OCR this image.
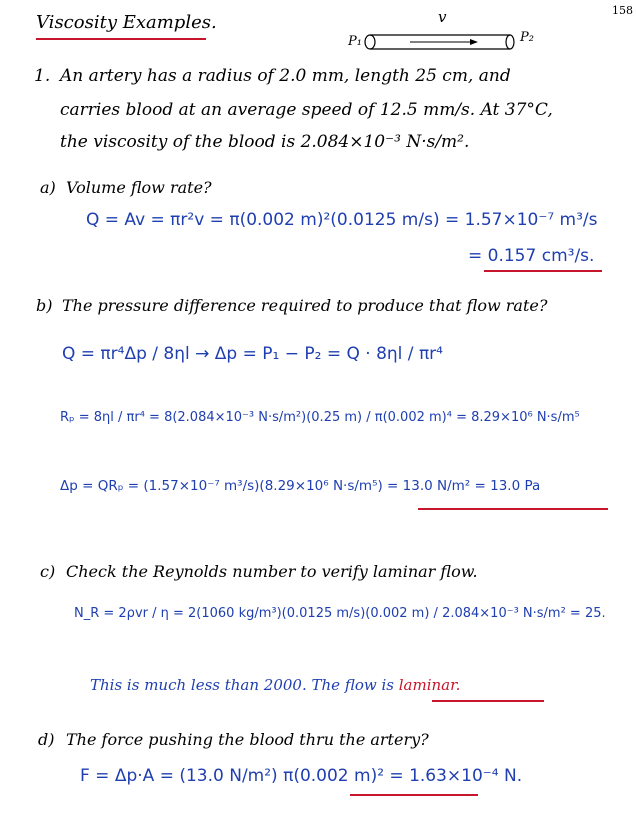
158
Viscosity Examples.
P₁	P₂
v
1. An artery has a radius of 2.0 mm, length 25 cm, and
carries blood at an average speed of 12.5 mm/s. At 37°C,
the viscosity of the blood is 2.084×10⁻³ N·s/m².
a) Volume flow rate?
Q = Av = πr²v = π(0.002 m)²(0.0125 m/s) = 1.57×10⁻⁷ m³/s
= 0.157 cm³/s.
b) The pressure difference required to produce that flow rate?
Q = πr⁴Δp / 8ηl → Δp = P₁ − P₂ = Q · 8ηl / πr⁴
Rₚ = 8ηl / πr⁴ = 8(2.084×10⁻³ N·s/m²)(0.25 m) / π(0.002 m)⁴ = 8.29×10⁶ N·s/m⁵
Δp = QRₚ = (1.57×10⁻⁷ m³/s)(8.29×10⁶ N·s/m⁵) = 13.0 N/m² = 13.0 Pa
c) Check the Reynolds number to verify laminar flow.
N_R = 2ρvr / η = 2(1060 kg/m³)(0.0125 m/s)(0.002 m) / 2.084×10⁻³ N·s/m² = 25.
This is much less than 2000. The flow is laminar.
d) The force pushing the blood thru the artery?
F = Δp·A = (13.0 N/m²) π(0.002 m)² = 1.63×10⁻⁴ N.
